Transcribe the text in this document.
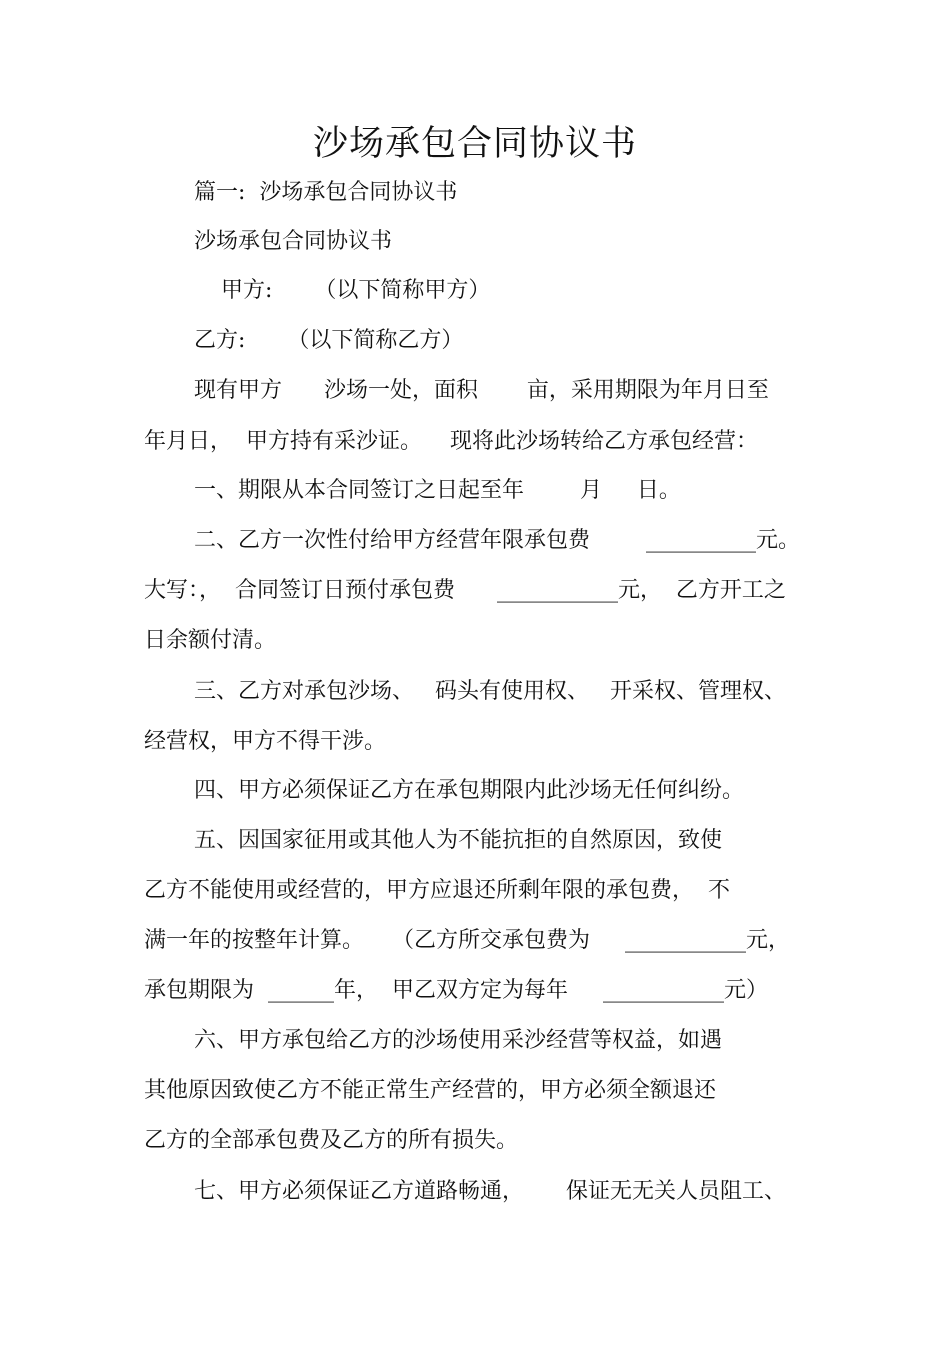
沙场承包合同协议书
篇一:  沙场承包合同协议书
沙场承包合同协议书
甲方:      （以下简称甲方）
乙方:      （以下简称乙方）
现有甲方      沙场一处，面积       亩，采用期限为年月日至
年月日，  甲方持有采沙证。    现将此沙场转给乙方承包经营：
一、期限从本合同签订之日起至年        月     日。
二、乙方一次性付给甲方经营年限承包费        __________元。
大写：，  合同签订日预付承包费      ___________元，  乙方开工之
日余额付清。
三、乙方对承包沙场、   码头有使用权、   开采权、管理权、
经营权，甲方不得干涉。
四、甲方必须保证乙方在承包期限内此沙场无任何纠纷。
五、因国家征用或其他人为不能抗拒的自然原因，致使
乙方不能使用或经营的，甲方应退还所剩年限的承包费，  不
满一年的按整年计算。    （乙方所交承包费为     ___________元，
承包期限为  ______年，  甲乙双方定为每年     ___________元）
六、甲方承包给乙方的沙场使用采沙经营等权益，如遇
其他原因致使乙方不能正常生产经营的，甲方必须全额退还
乙方的全部承包费及乙方的所有损失。
七、甲方必须保证乙方道路畅通，      保证无无关人员阻工、
